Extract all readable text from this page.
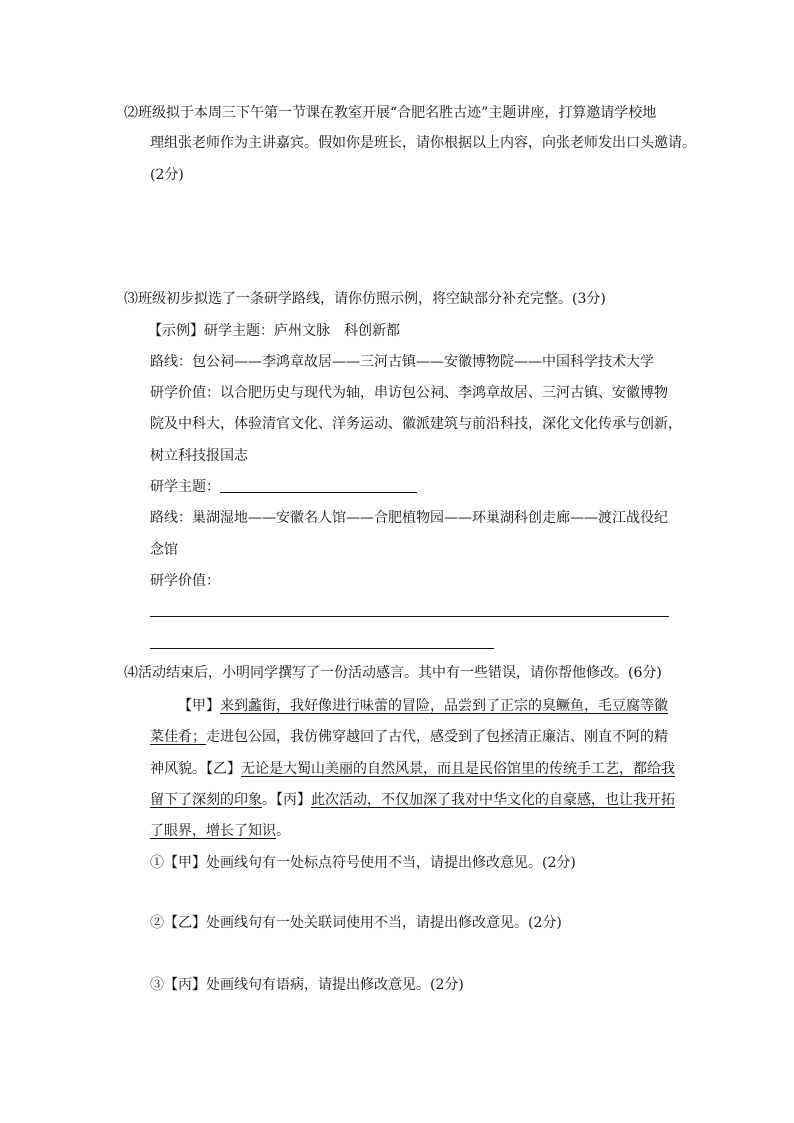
⑵班级拟于本周三下午第一节课在教室开展“合肥名胜古迹”主题讲座，打算邀请学校地
理组张老师作为主讲嘉宾。假如你是班长，请你根据以上内容，向张老师发出口头邀请。
(2分)
⑶班级初步拟选了一条研学路线，请你仿照示例，将空缺部分补充完整。(3分)
【示例】研学主题：庐州文脉　科创新都
路线：包公祠——李鸿章故居——三河古镇——安徽博物院——中国科学技术大学
研学价值：以合肥历史与现代为轴，串访包公祠、李鸿章故居、三河古镇、安徽博物
院及中科大，体验清官文化、洋务运动、徽派建筑与前沿科技，深化文化传承与创新，
树立科技报国志
研学主题：
路线：巢湖湿地——安徽名人馆——合肥植物园——环巢湖科创走廊——渡江战役纪
念馆
研学价值：
⑷活动结束后，小明同学撰写了一份活动感言。其中有一些错误，请你帮他修改。(6分)
【甲】来到蠡街，我好像进行味蕾的冒险，品尝到了正宗的臭鳜鱼，毛豆腐等徽
菜佳肴；走进包公园，我仿佛穿越回了古代，感受到了包拯清正廉洁、刚直不阿的精
神风貌。【乙】无论是大蜀山美丽的自然风景，而且是民俗馆里的传统手工艺，都给我
留下了深刻的印象。【丙】此次活动，不仅加深了我对中华文化的自豪感，也让我开拓
了眼界，增长了知识。
①【甲】处画线句有一处标点符号使用不当，请提出修改意见。(2分)
②【乙】处画线句有一处关联词使用不当，请提出修改意见。(2分)
③【丙】处画线句有语病，请提出修改意见。(2分)
